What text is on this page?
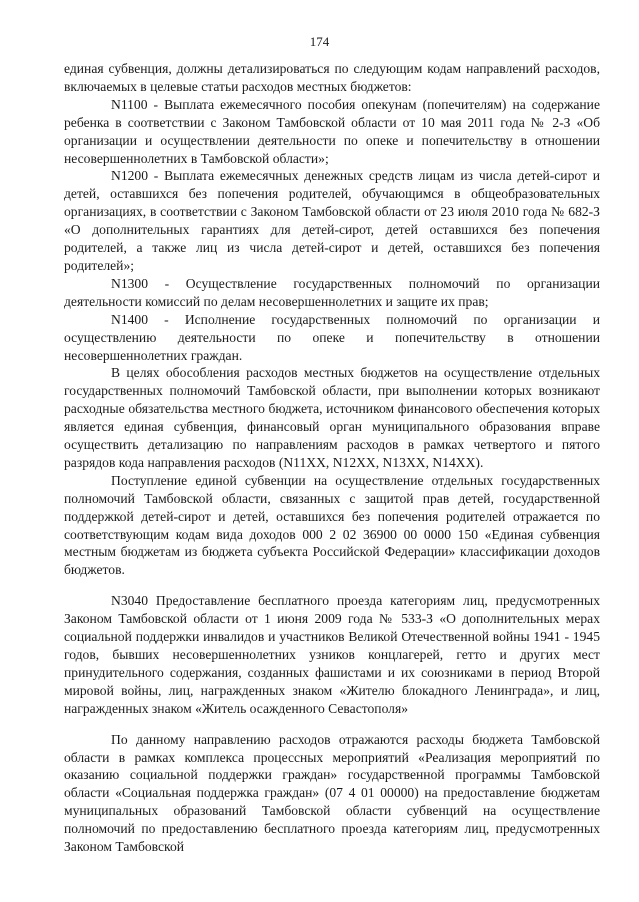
174

единая субвенция, должны детализироваться по следующим кодам направлений расходов, включаемых в целевые статьи расходов местных бюджетов:

N1100 - Выплата ежемесячного пособия опекунам (попечителям) на содержание ребенка в соответствии с Законом Тамбовской области от 10 мая 2011 года № 2-З «Об организации и осуществлении деятельности по опеке и попечительству в отношении несовершеннолетних в Тамбовской области»;

N1200 - Выплата ежемесячных денежных средств лицам из числа детей-сирот и детей, оставшихся без попечения родителей, обучающимся в общеобразовательных организациях, в соответствии с Законом Тамбовской области от 23 июля 2010 года № 682-З «О дополнительных гарантиях для детей-сирот, детей оставшихся без попечения родителей, а также лиц из числа детей-сирот и детей, оставшихся без попечения родителей»;

N1300 - Осуществление государственных полномочий по организации деятельности комиссий по делам несовершеннолетних и защите их прав;

N1400 - Исполнение государственных полномочий по организации и осуществлению деятельности по опеке и попечительству в отношении несовершеннолетних граждан.

В целях обособления расходов местных бюджетов на осуществление отдельных государственных полномочий Тамбовской области, при выполнении которых возникают расходные обязательства местного бюджета, источником финансового обеспечения которых является единая субвенция, финансовый орган муниципального образования вправе осуществить детализацию по направлениям расходов в рамках четвертого и пятого разрядов кода направления расходов (N11ХХ, N12ХХ, N13ХХ, N14ХХ).

Поступление единой субвенции на осуществление отдельных государственных полномочий Тамбовской области, связанных с защитой прав детей, государственной поддержкой детей-сирот и детей, оставшихся без попечения родителей отражается по соответствующим кодам вида доходов 000 2 02 36900 00 0000 150 «Единая субвенция местным бюджетам из бюджета субъекта Российской Федерации» классификации доходов бюджетов.

N3040 Предоставление бесплатного проезда категориям лиц, предусмотренных Законом Тамбовской области от 1 июня 2009 года № 533-З «О дополнительных мерах социальной поддержки инвалидов и участников Великой Отечественной войны 1941 - 1945 годов, бывших несовершеннолетних узников концлагерей, гетто и других мест принудительного содержания, созданных фашистами и их союзниками в период Второй мировой войны, лиц, награжденных знаком «Жителю блокадного Ленинграда», и лиц, награжденных знаком «Житель осажденного Севастополя»

По данному направлению расходов отражаются расходы бюджета Тамбовской области в рамках комплекса процессных мероприятий «Реализация мероприятий по оказанию социальной поддержки граждан» государственной программы Тамбовской области «Социальная поддержка граждан» (07 4 01 00000) на предоставление бюджетам муниципальных образований Тамбовской области субвенций на осуществление полномочий по предоставлению бесплатного проезда категориям лиц, предусмотренных Законом Тамбовской
